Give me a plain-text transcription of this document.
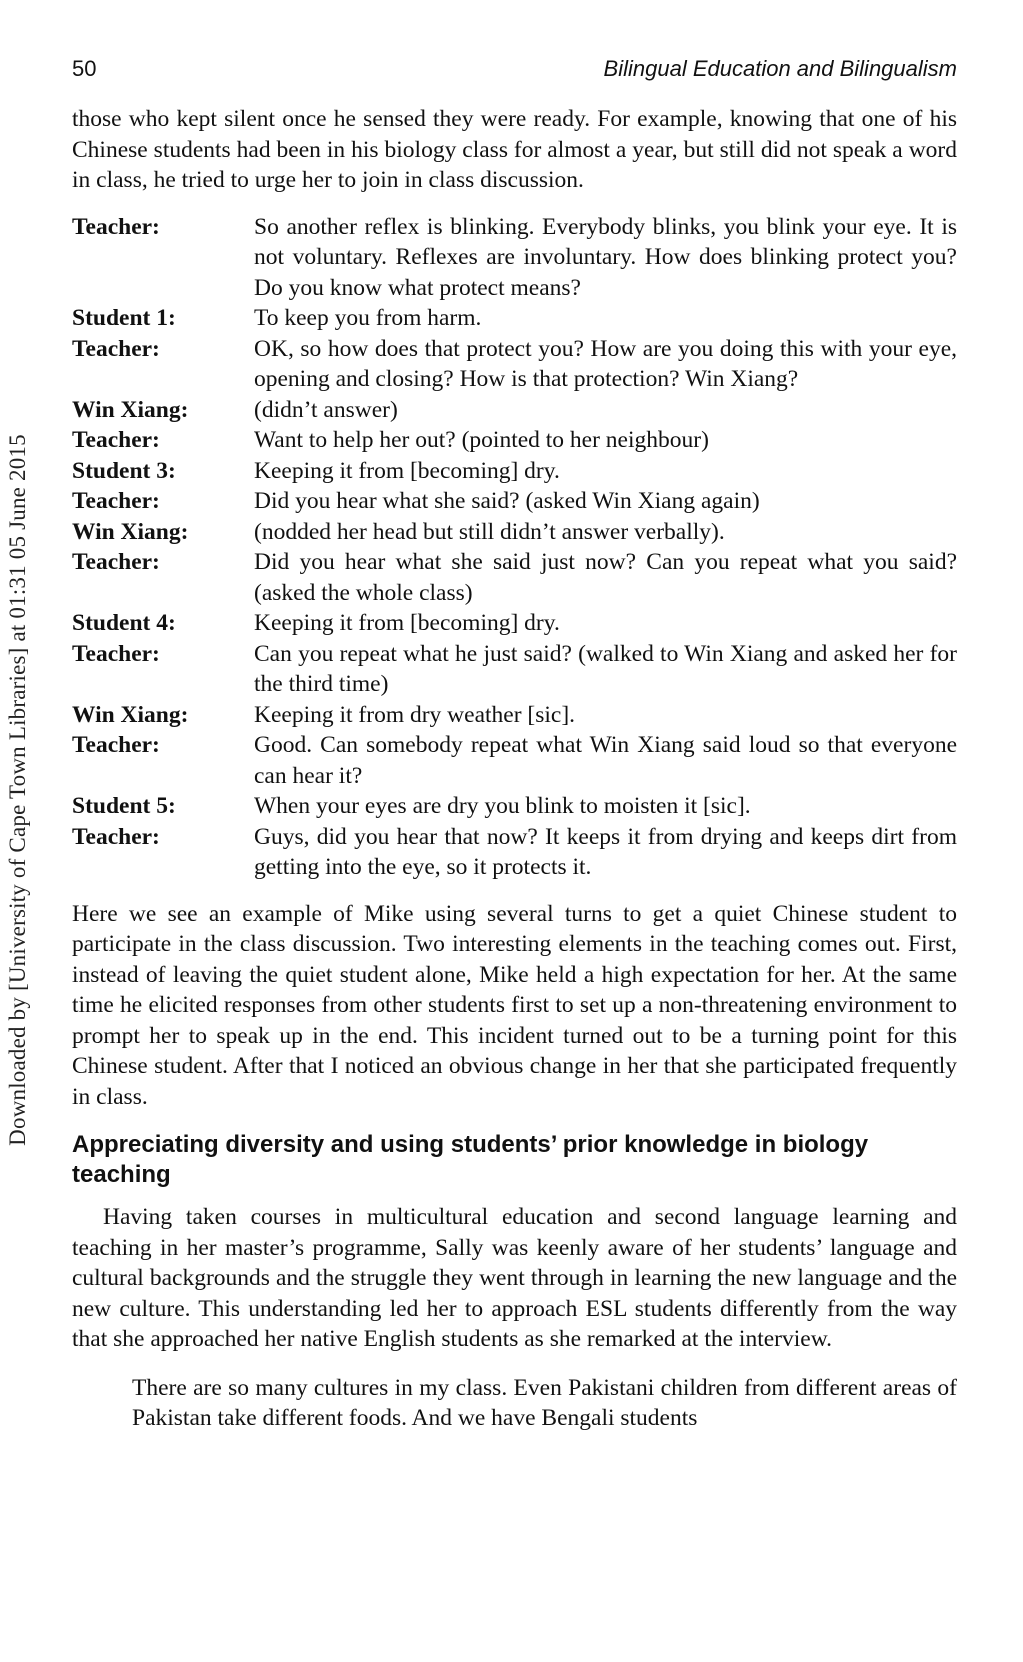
Downloaded by [University of Cape Town Libraries] at 01:31 05 June 2015
50	Bilingual Education and Bilingualism

those who kept silent once he sensed they were ready. For example, knowing that one of his Chinese students had been in his biology class for almost a year, but still did not speak a word in class, he tried to urge her to join in class discussion.

Teacher:	So another reflex is blinking. Everybody blinks, you blink your eye. It is not voluntary. Reflexes are involuntary. How does blinking protect you? Do you know what protect means?
Student 1:	To keep you from harm.
Teacher:	OK, so how does that protect you? How are you doing this with your eye, opening and closing? How is that protection? Win Xiang?
Win Xiang:	(didn’t answer)
Teacher:	Want to help her out? (pointed to her neighbour)
Student 3:	Keeping it from [becoming] dry.
Teacher:	Did you hear what she said? (asked Win Xiang again)
Win Xiang:	(nodded her head but still didn’t answer verbally).
Teacher:	Did you hear what she said just now? Can you repeat what you said? (asked the whole class)
Student 4:	Keeping it from [becoming] dry.
Teacher:	Can you repeat what he just said? (walked to Win Xiang and asked her for the third time)
Win Xiang:	Keeping it from dry weather [sic].
Teacher:	Good. Can somebody repeat what Win Xiang said loud so that everyone can hear it?
Student 5:	When your eyes are dry you blink to moisten it [sic].
Teacher:	Guys, did you hear that now? It keeps it from drying and keeps dirt from getting into the eye, so it protects it.

Here we see an example of Mike using several turns to get a quiet Chinese student to participate in the class discussion. Two interesting elements in the teaching comes out. First, instead of leaving the quiet student alone, Mike held a high expectation for her. At the same time he elicited responses from other students first to set up a non-threatening environment to prompt her to speak up in the end. This incident turned out to be a turning point for this Chinese student. After that I noticed an obvious change in her that she participated frequently in class.

Appreciating diversity and using students’ prior knowledge in biology teaching

Having taken courses in multicultural education and second language learning and teaching in her master’s programme, Sally was keenly aware of her students’ language and cultural backgrounds and the struggle they went through in learning the new language and the new culture. This understanding led her to approach ESL students differently from the way that she approached her native English students as she remarked at the interview.

There are so many cultures in my class. Even Pakistani children from different areas of Pakistan take different foods. And we have Bengali students
